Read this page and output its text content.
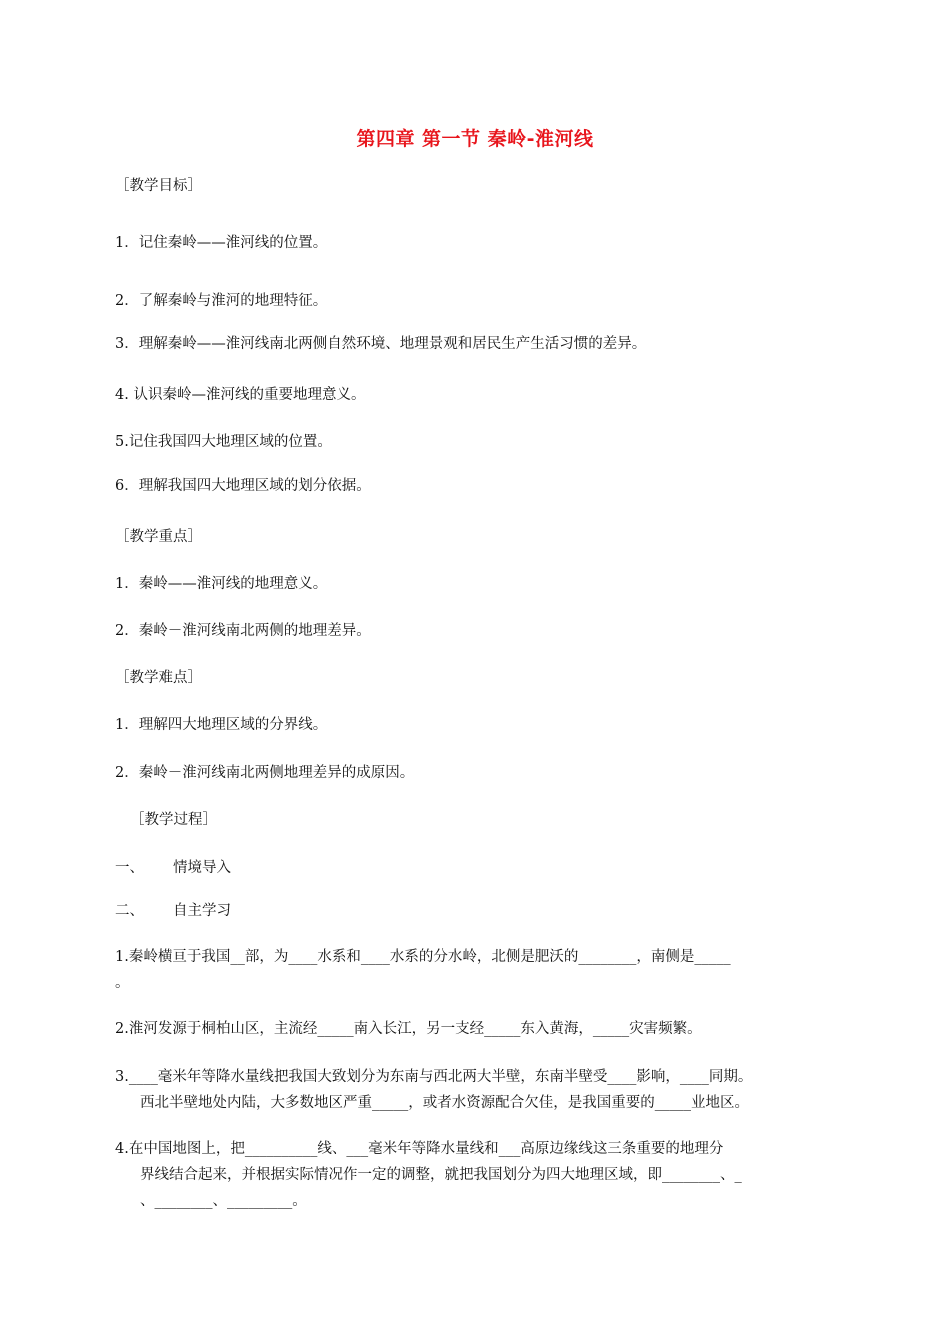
第四章 第一节 秦岭-淮河线
［教学目标］
1．记住秦岭——淮河线的位置。
2．了解秦岭与淮河的地理特征。
3．理解秦岭——淮河线南北两侧自然环境、地理景观和居民生产生活习惯的差异。
4. 认识秦岭—淮河线的重要地理意义。
5.记住我国四大地理区域的位置。
6．理解我国四大地理区域的划分依据。
［教学重点］
1．秦岭——淮河线的地理意义。
2．秦岭－淮河线南北两侧的地理差异。
［教学难点］
1．理解四大地理区域的分界线。
2．秦岭－淮河线南北两侧地理差异的成原因。
［教学过程］
一、 情境导入
二、 自主学习
1.秦岭横亘于我国__部，为____水系和____水系的分水岭，北侧是肥沃的________，南侧是_____
。
2.淮河发源于桐柏山区，主流经_____南入长江，另一支经_____东入黄海，_____灾害频繁。
3.____毫米年等降水量线把我国大致划分为东南与西北两大半壁，东南半壁受____影响，____同期。
西北半壁地处内陆，大多数地区严重_____，或者水资源配合欠佳，是我国重要的_____业地区。
4.在中国地图上，把__________线、___毫米年等降水量线和___高原边缘线这三条重要的地理分
界线结合起来，并根据实际情况作一定的调整，就把我国划分为四大地理区域，即________、_
、________、_________。
